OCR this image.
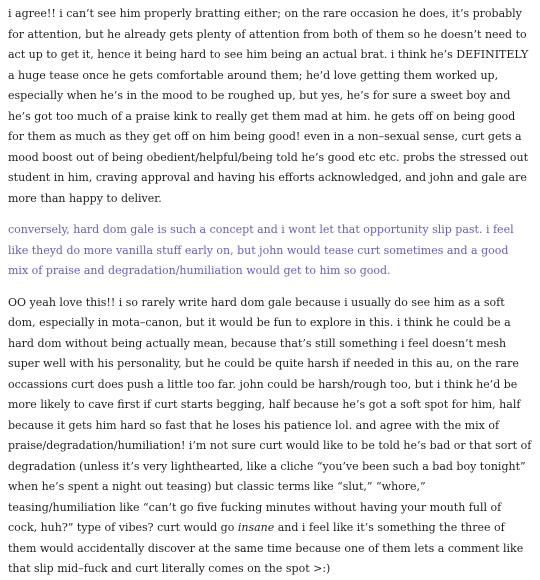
i agree!! i can’t see him properly bratting either; on the rare occasion he does, it’s probably for attention, but he already gets plenty of attention from both of them so he doesn’t need to act up to get it, hence it being hard to see him being an actual brat. i think he’s DEFINITELY a huge tease once he gets comfortable around them; he’d love getting them worked up, especially when he’s in the mood to be roughed up, but yes, he’s for sure a sweet boy and he’s got too much of a praise kink to really get them mad at him. he gets off on being good for them as much as they get off on him being good! even in a non–sexual sense, curt gets a mood boost out of being obedient/helpful/being told he’s good etc etc. probs the stressed out student in him, craving approval and having his efforts acknowledged, and john and gale are more than happy to deliver.

conversely, hard dom gale is such a concept and i wont let that opportunity slip past. i feel like theyd do more vanilla stuff early on, but john would tease curt sometimes and a good mix of praise and degradation/humiliation would get to him so good.

OO yeah love this!! i so rarely write hard dom gale because i usually do see him as a soft dom, especially in mota–canon, but it would be fun to explore in this. i think he could be a hard dom without being actually mean, because that’s still something i feel doesn’t mesh super well with his personality, but he could be quite harsh if needed in this au, on the rare occassions curt does push a little too far. john could be harsh/rough too, but i think he’d be more likely to cave first if curt starts begging, half because he’s got a soft spot for him, half because it gets him hard so fast that he loses his patience lol. and agree with the mix of praise/degradation/humiliation! i’m not sure curt would like to be told he’s bad or that sort of degradation (unless it’s very lighthearted, like a cliche “you’ve been such a bad boy tonight” when he’s spent a night out teasing) but classic terms like “slut,” “whore,” teasing/humiliation like “can’t go five fucking minutes without having your mouth full of cock, huh?” type of vibes? curt would go insane and i feel like it’s something the three of them would accidentally discover at the same time because one of them lets a comment like that slip mid–fuck and curt literally comes on the spot >:)
